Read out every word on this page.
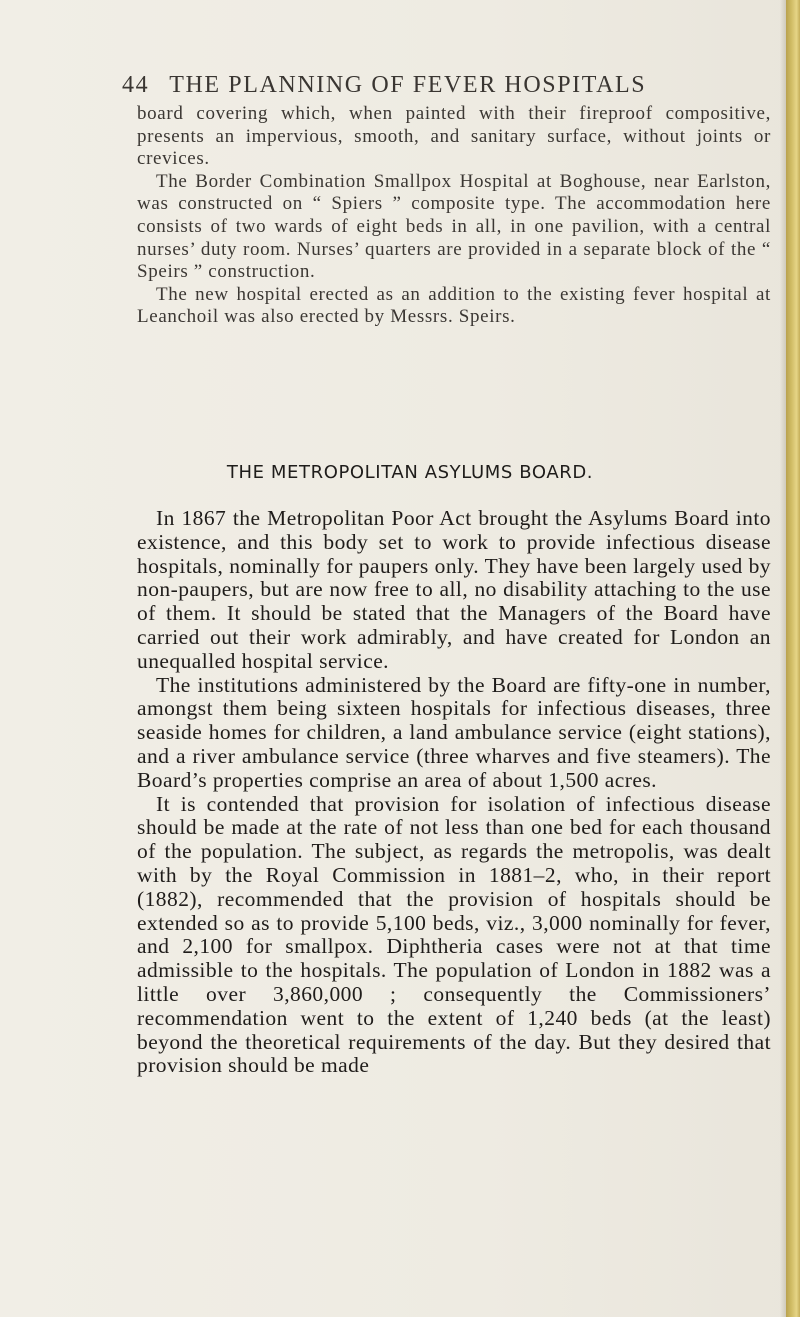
44 THE PLANNING OF FEVER HOSPITALS

board covering which, when painted with their fireproof compositive, presents an impervious, smooth, and sanitary surface, without joints or crevices.

The Border Combination Smallpox Hospital at Boghouse, near Earlston, was constructed on “ Spiers ” composite type. The accommodation here consists of two wards of eight beds in all, in one pavilion, with a central nurses’ duty room. Nurses’ quarters are provided in a separate block of the “ Speirs ” construction.

The new hospital erected as an addition to the existing fever hospital at Leanchoil was also erected by Messrs. Speirs.

THE METROPOLITAN ASYLUMS BOARD.

In 1867 the Metropolitan Poor Act brought the Asylums Board into existence, and this body set to work to provide infectious disease hospitals, nominally for paupers only. They have been largely used by non-paupers, but are now free to all, no disability attaching to the use of them. It should be stated that the Managers of the Board have carried out their work admirably, and have created for London an unequalled hospital service.

The institutions administered by the Board are fifty-one in number, amongst them being sixteen hospitals for infectious diseases, three seaside homes for children, a land ambulance service (eight stations), and a river ambulance service (three wharves and five steamers). The Board’s properties comprise an area of about 1,500 acres.

It is contended that provision for isolation of infectious disease should be made at the rate of not less than one bed for each thousand of the population. The subject, as regards the metropolis, was dealt with by the Royal Commission in 1881–2, who, in their report (1882), recommended that the provision of hospitals should be extended so as to provide 5,100 beds, viz., 3,000 nominally for fever, and 2,100 for smallpox. Diphtheria cases were not at that time admissible to the hospitals. The population of London in 1882 was a little over 3,860,000 ; consequently the Commissioners’ recommendation went to the extent of 1,240 beds (at the least) beyond the theoretical requirements of the day. But they desired that provision should be made
